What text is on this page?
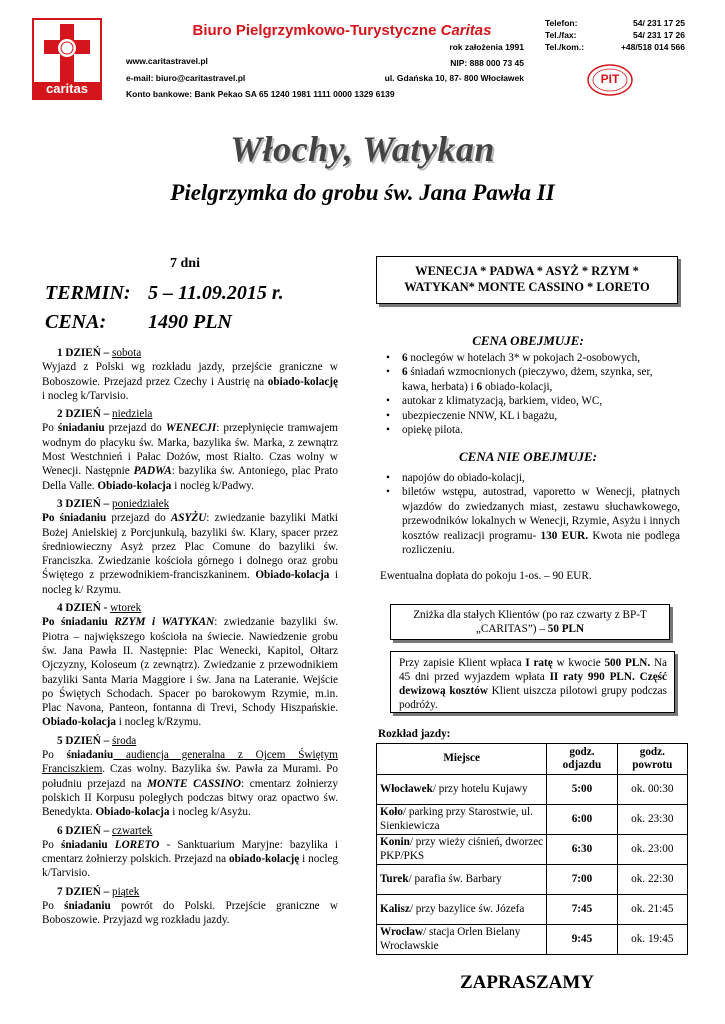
caritas
Biuro Pielgrzymkowo-Turystyczne Caritas
rok założenia 1991
www.caritastravel.pl
e-mail: biuro@caritastravel.pl
NIP: 888 000 73 45
ul. Gdańska 10, 87- 800 Włocławek
Konto bankowe: Bank Pekao SA 65 1240 1981 1111 0000 1329 6139
Telefon:	54/ 231 17 25
Tel./fax:	54/ 231 17 26
Tel./kom.:	+48/518 014 566
PIT
Włochy, Watykan
Pielgrzymka do grobu św. Jana Pawła II
7 dni
TERMIN: 5 – 11.09.2015 r.
CENA: 1490 PLN
WENECJA * PADWA * ASYŻ * RZYM *
WATYKAN* MONTE CASSINO * LORETO
1 DZIEŃ – sobota
Wyjazd z Polski wg rozkładu jazdy, przejście graniczne w Boboszowie. Przejazd przez Czechy i Austrię na obiado-kolację i nocleg k/Tarvisio.
2 DZIEŃ – niedziela
Po śniadaniu przejazd do WENECJI: przepłynięcie tramwajem wodnym do placyku św. Marka, bazylika św. Marka, z zewnątrz Most Westchnień i Pałac Dożów, most Rialto. Czas wolny w Wenecji. Następnie PADWA: bazylika św. Antoniego, plac Prato Della Valle. Obiado-kolacja i nocleg k/Padwy.
3 DZIEŃ – poniedziałek
Po śniadaniu przejazd do ASYŻU: zwiedzanie bazyliki Matki Bożej Anielskiej z Porcjunkulą, bazyliki św. Klary, spacer przez średniowieczny Asyż przez Plac Comune do bazyliki św. Franciszka. Zwiedzanie kościoła górnego i dolnego oraz grobu Świętego z przewodnikiem-franciszkaninem. Obiado-kolacja i nocleg k/ Rzymu.
4 DZIEŃ - wtorek
Po śniadaniu RZYM i WATYKAN: zwiedzanie bazyliki św. Piotra – największego kościoła na świecie. Nawiedzenie grobu św. Jana Pawła II. Następnie: Plac Wenecki, Kapitol, Ołtarz Ojczyzny, Koloseum (z zewnątrz). Zwiedzanie z przewodnikiem bazyliki Santa Maria Maggiore i św. Jana na Lateranie. Wejście po Świętych Schodach. Spacer po barokowym Rzymie, m.in. Plac Navona, Panteon, fontanna di Trevi, Schody Hiszpańskie. Obiado-kolacja i nocleg k/Rzymu.
5 DZIEŃ – środa
Po śniadaniu audiencja generalna z Ojcem Świętym Franciszkiem. Czas wolny. Bazylika św. Pawła za Murami. Po południu przejazd na MONTE CASSINO: cmentarz żołnierzy polskich II Korpusu poległych podczas bitwy oraz opactwo św. Benedykta. Obiado-kolacja i nocleg k/Asyżu.
6 DZIEŃ – czwartek
Po śniadaniu LORETO - Sanktuarium Maryjne: bazylika i cmentarz żołnierzy polskich. Przejazd na obiado-kolację i nocleg k/Tarvisio.
7 DZIEŃ – piątek
Po śniadaniu powrót do Polski. Przejście graniczne w Boboszowie. Przyjazd wg rozkładu jazdy.
CENA OBEJMUJE:
• 6 noclegów w hotelach 3* w pokojach 2-osobowych,
• 6 śniadań wzmocnionych (pieczywo, dżem, szynka, ser, kawa, herbata) i 6 obiado-kolacji,
• autokar z klimatyzacją, barkiem, video, WC,
• ubezpieczenie NNW, KL i bagażu,
• opiekę pilota.
CENA NIE OBEJMUJE:
• napojów do obiado-kolacji,
• biletów wstępu, autostrad, vaporetto w Wenecji, płatnych wjazdów do zwiedzanych miast, zestawu słuchawkowego, przewodników lokalnych w Wenecji, Rzymie, Asyżu i innych kosztów realizacji programu- 130 EUR. Kwota nie podlega rozliczeniu.
Ewentualna dopłata do pokoju 1-os. – 90 EUR.
Zniżka dla stałych Klientów (po raz czwarty z BP-T
„CARITAS”) – 50 PLN
Przy zapisie Klient wpłaca I ratę w kwocie 500 PLN. Na 45 dni przed wyjazdem wpłata II raty 990 PLN. Część dewizową kosztów Klient uiszcza pilotowi grupy podczas podróży.
Rozkład jazdy:
Miejsce	godz. odjazdu	godz. powrotu
Włocławek/ przy hotelu Kujawy	5:00	ok. 00:30
Koło/ parking przy Starostwie, ul. Sienkiewicza	6:00	ok. 23:30
Konin/ przy wieży ciśnień, dworzec PKP/PKS	6:30	ok. 23:00
Turek/ parafia św. Barbary	7:00	ok. 22:30
Kalisz/ przy bazylice św. Józefa	7:45	ok. 21:45
Wrocław/ stacja Orlen Bielany Wrocławskie	9:45	ok. 19:45
ZAPRASZAMY
